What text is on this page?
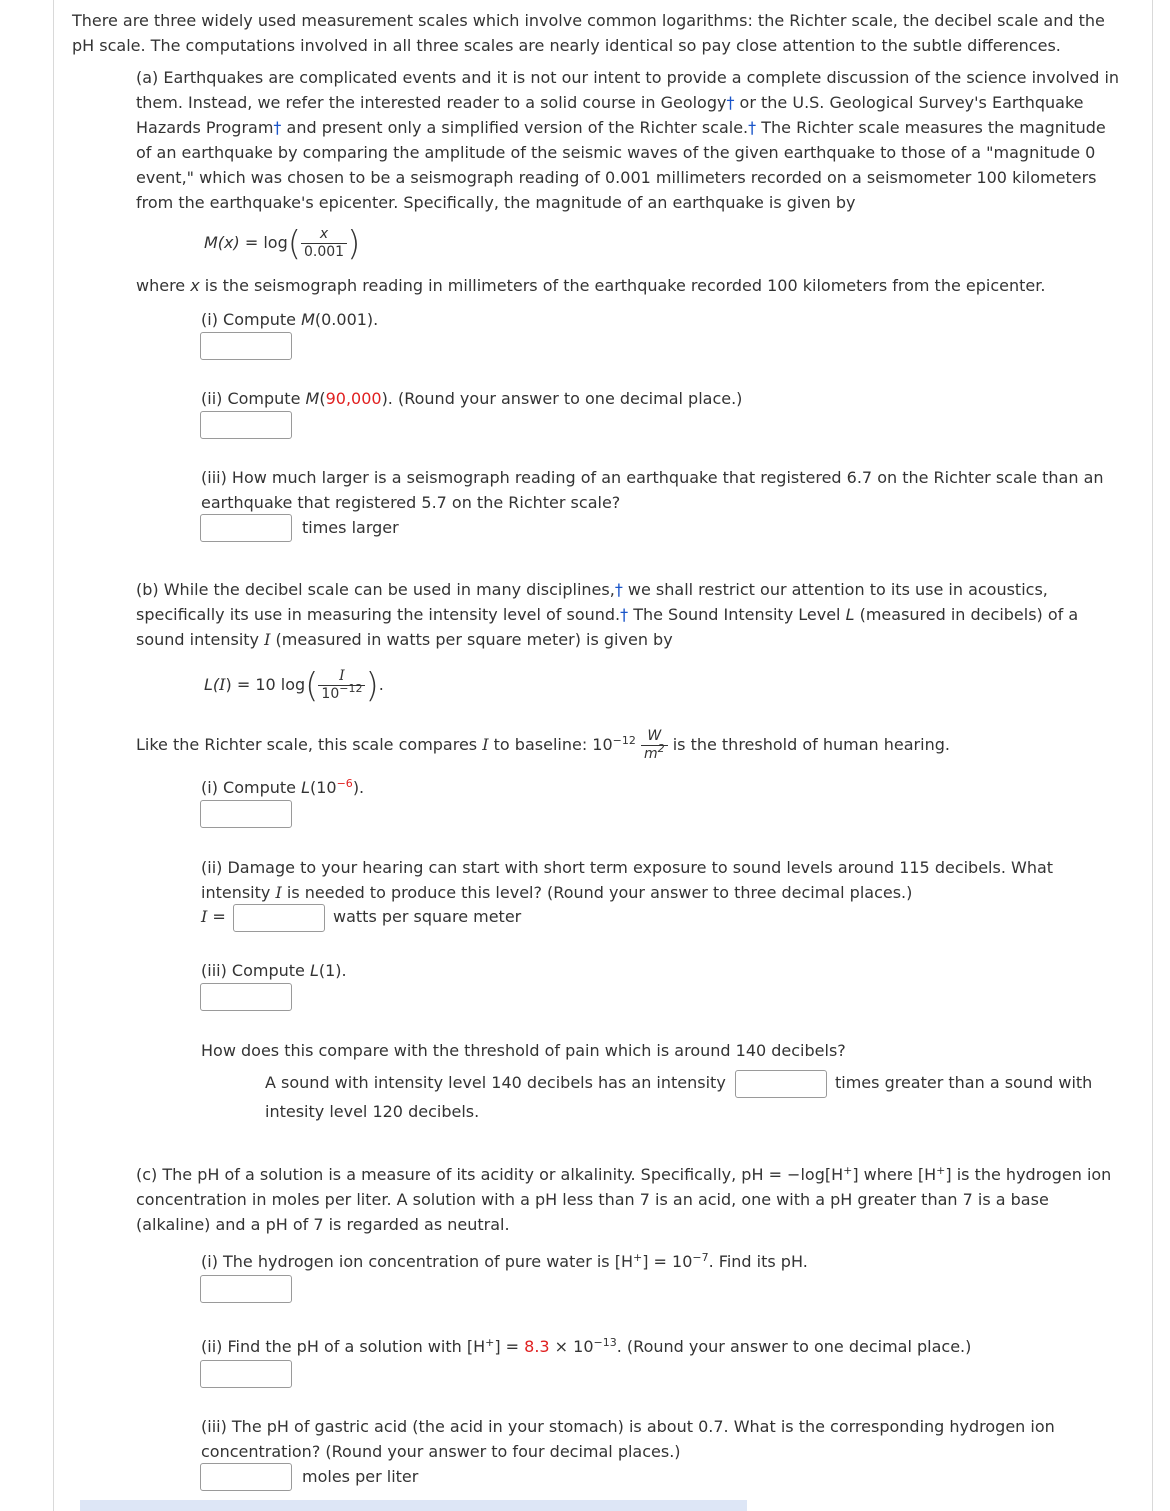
There are three widely used measurement scales which involve common logarithms: the Richter scale, the decibel scale and the
pH scale. The computations involved in all three scales are nearly identical so pay close attention to the subtle differences.
(a) Earthquakes are complicated events and it is not our intent to provide a complete discussion of the science involved in
them. Instead, we refer the interested reader to a solid course in Geology† or the U.S. Geological Survey's Earthquake
Hazards Program† and present only a simplified version of the Richter scale.† The Richter scale measures the magnitude
of an earthquake by comparing the amplitude of the seismic waves of the given earthquake to those of a "magnitude 0
event," which was chosen to be a seismograph reading of 0.001 millimeters recorded on a seismometer 100 kilometers
from the earthquake's epicenter. Specifically, the magnitude of an earthquake is given by
$M(x) = \log( \frac{x}{0.001}$ )
where x is the seismograph reading in millimeters of the earthquake recorded 100 kilometers from the epicenter.
(i) Compute M(0.001).
(ii) Compute M(90,000). (Round your answer to one decimal place.)
(iii) How much larger is a seismograph reading of an earthquake that registered 6.7 on the Richter scale than an
earthquake that registered 5.7 on the Richter scale?
times larger
(b) While the decibel scale can be used in many disciplines,† we shall restrict our attention to its use in acoustics,
specifically its use in measuring the intensity level of sound.† The Sound Intensity Level L (measured in decibels) of a
sound intensity I (measured in watts per square meter) is given by
L(I) = 10 $\log( \frac{I}{10^{-12}}$ ).
Like the Richter scale, this scale compares I to baseline: $10^{-12} \frac{W}{m^2}$ is the threshold of human hearing.
(i) Compute $L(10^{-6})$.
(ii) Damage to your hearing can start with short term exposure to sound levels around 115 decibels. What
intensity I is needed to produce this level? (Round your answer to three decimal places.)
I =	watts per square meter
(iii) Compute L(1).
How does this compare with the threshold of pain which is around 140 decibels?
A sound with intensity level 140 decibels has an intensity	times greater than a sound with
intesity level 120 decibels.
(c) The pH of a solution is a measure of its acidity or alkalinity. Specifically, pH = −log[H+] where [H+] is the hydrogen ion
concentration in moles per liter. A solution with a pH less than 7 is an acid, one with a pH greater than 7 is a base
(alkaline) and a pH of 7 is regarded as neutral.
(i) The hydrogen ion concentration of pure water is $[H^+] = 10^{-7}$. Find its pH.
(ii) Find the pH of a solution with $[H^+] = 8.3 \times 10^{-13}$. (Round your answer to one decimal place.)
(iii) The pH of gastric acid (the acid in your stomach) is about 0.7. What is the corresponding hydrogen ion
concentration? (Round your answer to four decimal places.)
moles per liter
